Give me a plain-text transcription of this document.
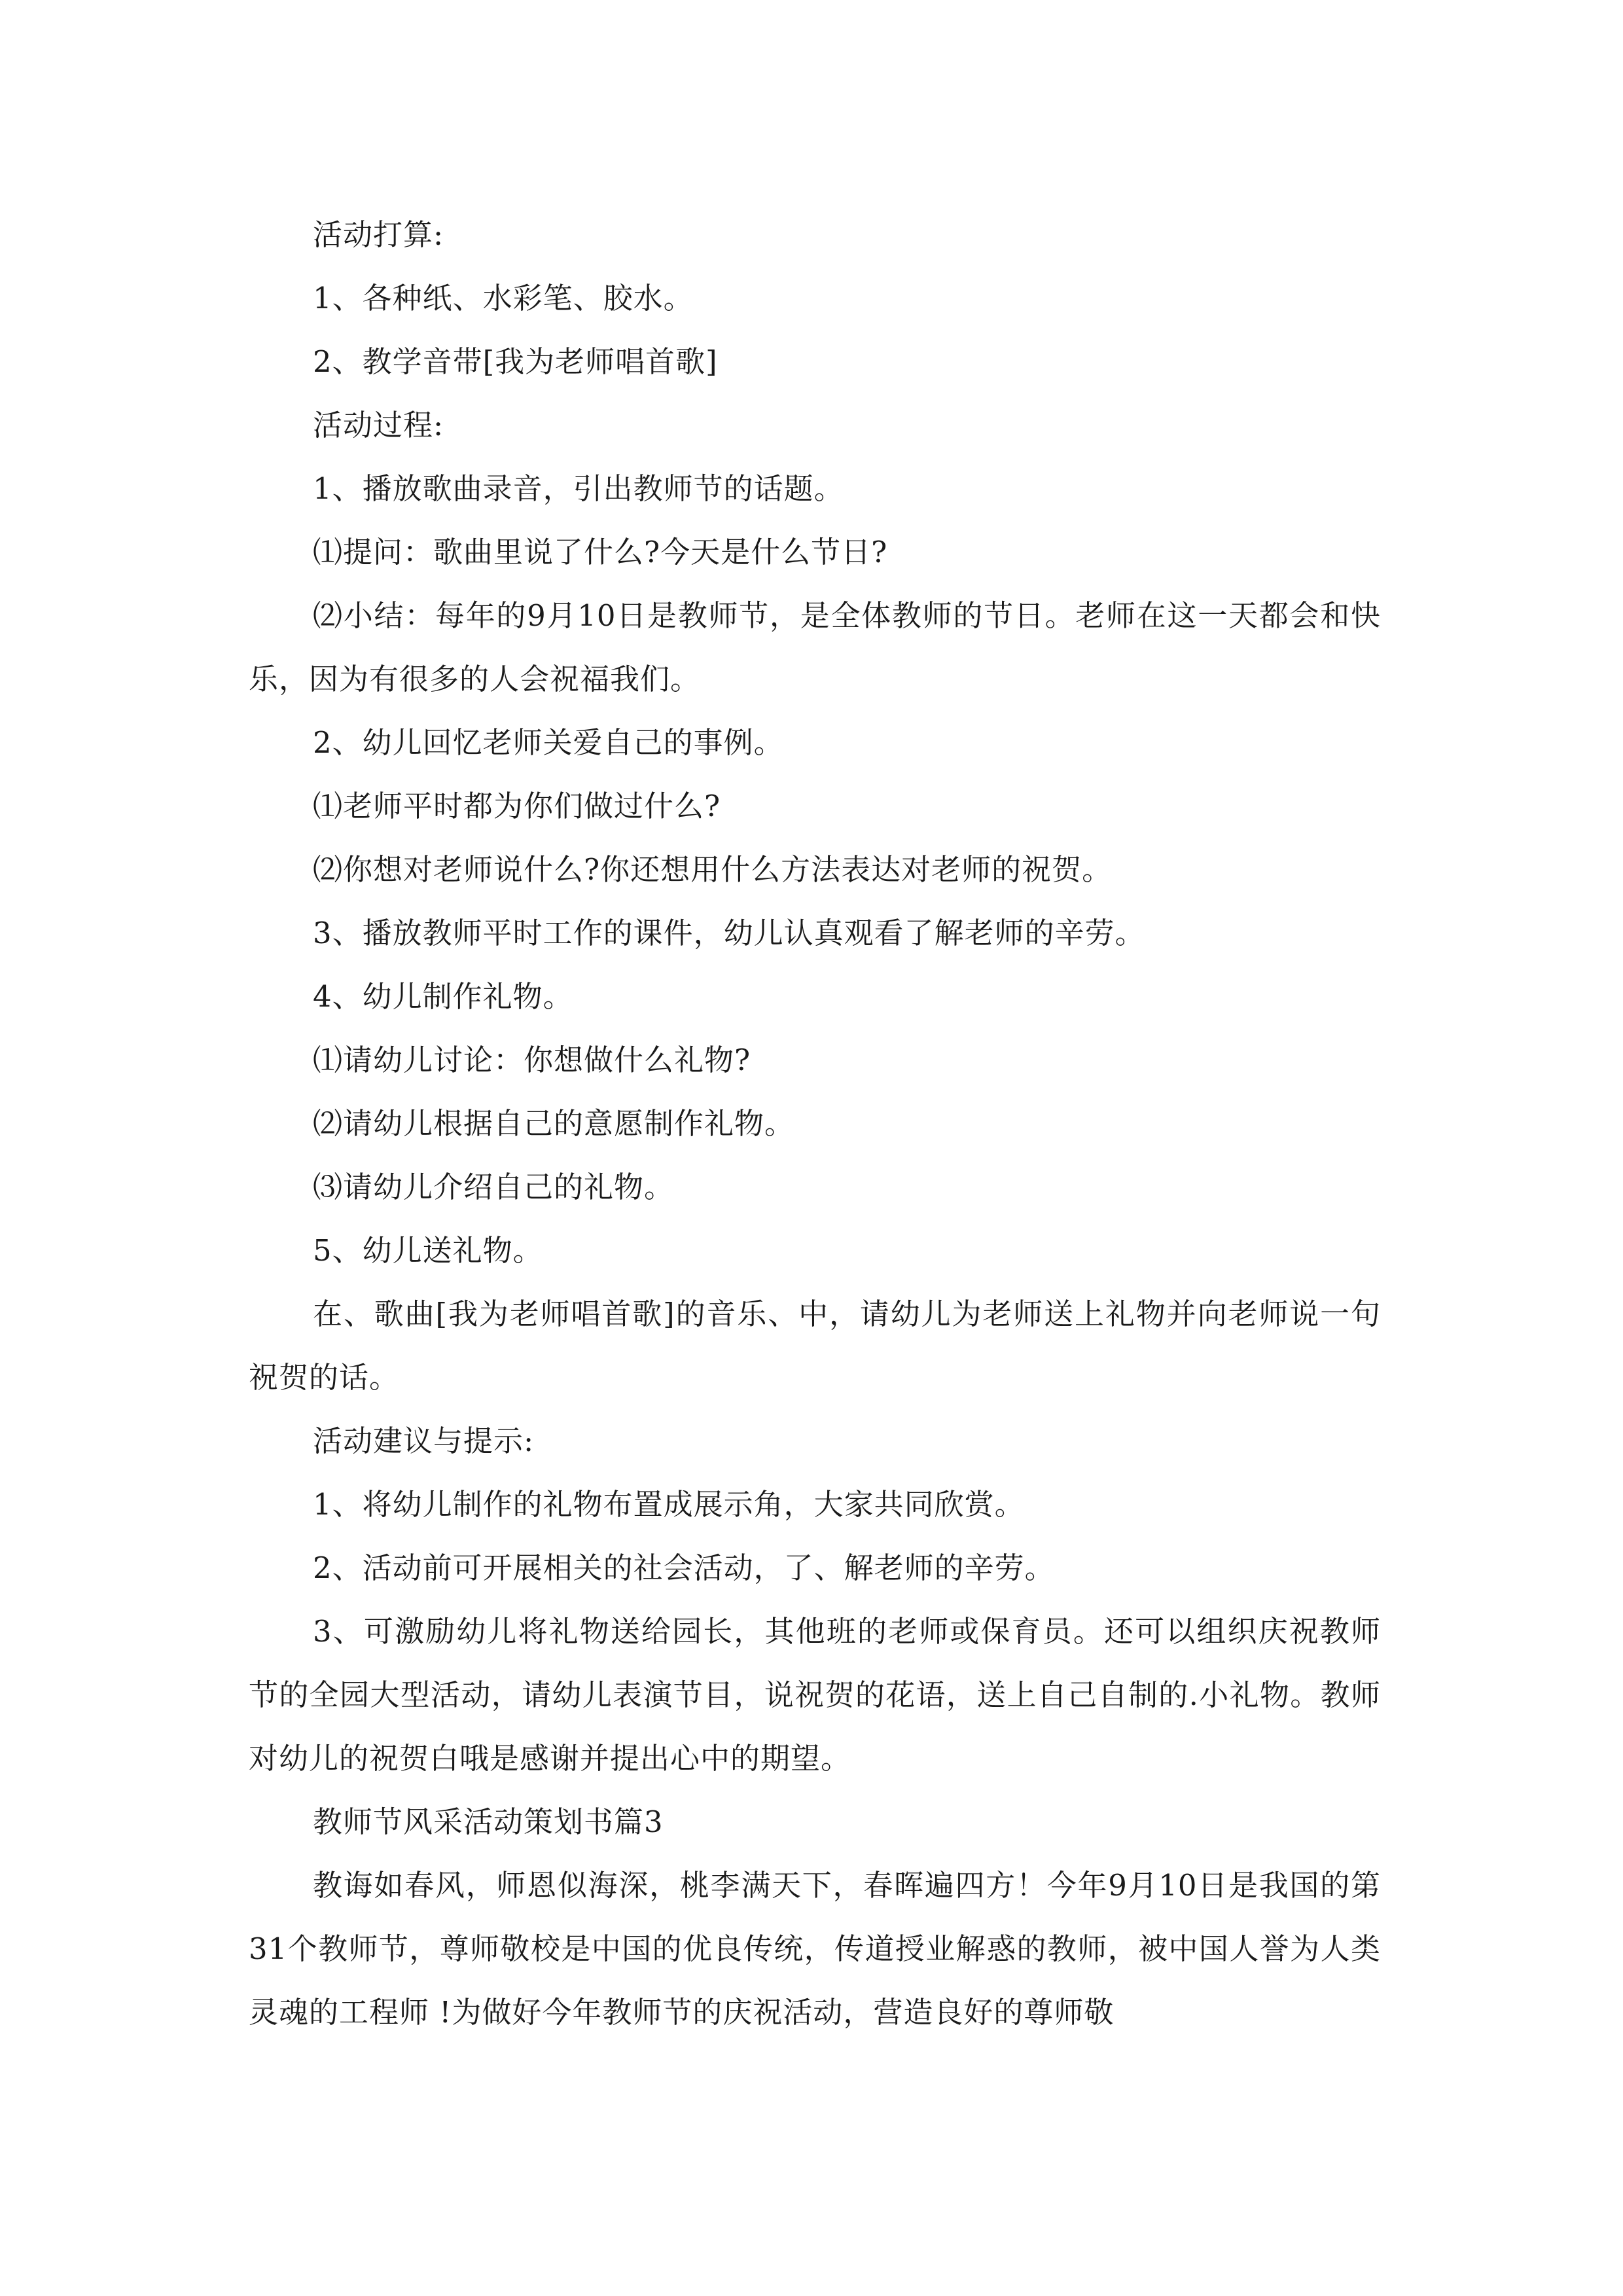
活动打算:

1、各种纸、水彩笔、胶水。

2、教学音带[我为老师唱首歌]

活动过程:

1、播放歌曲录音，引出教师节的话题。

⑴提问：歌曲里说了什么?今天是什么节日?

⑵小结：每年的9月10日是教师节，是全体教师的节日。老师在这一天都会和快乐，因为有很多的人会祝福我们。

2、幼儿回忆老师关爱自己的事例。

⑴老师平时都为你们做过什么?

⑵你想对老师说什么?你还想用什么方法表达对老师的祝贺。

3、播放教师平时工作的课件，幼儿认真观看了解老师的辛劳。

4、幼儿制作礼物。

⑴请幼儿讨论：你想做什么礼物?

⑵请幼儿根据自己的意愿制作礼物。

⑶请幼儿介绍自己的礼物。

5、幼儿送礼物。

在、歌曲[我为老师唱首歌]的音乐、中，请幼儿为老师送上礼物并向老师说一句祝贺的话。

活动建议与提示:

1、将幼儿制作的礼物布置成展示角，大家共同欣赏。

2、活动前可开展相关的社会活动，了、解老师的辛劳。

3、可激励幼儿将礼物送给园长，其他班的老师或保育员。还可以组织庆祝教师节的全园大型活动，请幼儿表演节目，说祝贺的花语，送上自己自制的.小礼物。教师对幼儿的祝贺白哦是感谢并提出心中的期望。

教师节风采活动策划书篇3

教诲如春风，师恩似海深，桃李满天下，春晖遍四方！今年9月10日是我国的第31个教师节，尊师敬校是中国的优良传统，传道授业解惑的教师，被中国人誉为人类灵魂的工程师 !为做好今年教师节的庆祝活动，营造良好的尊师敬
